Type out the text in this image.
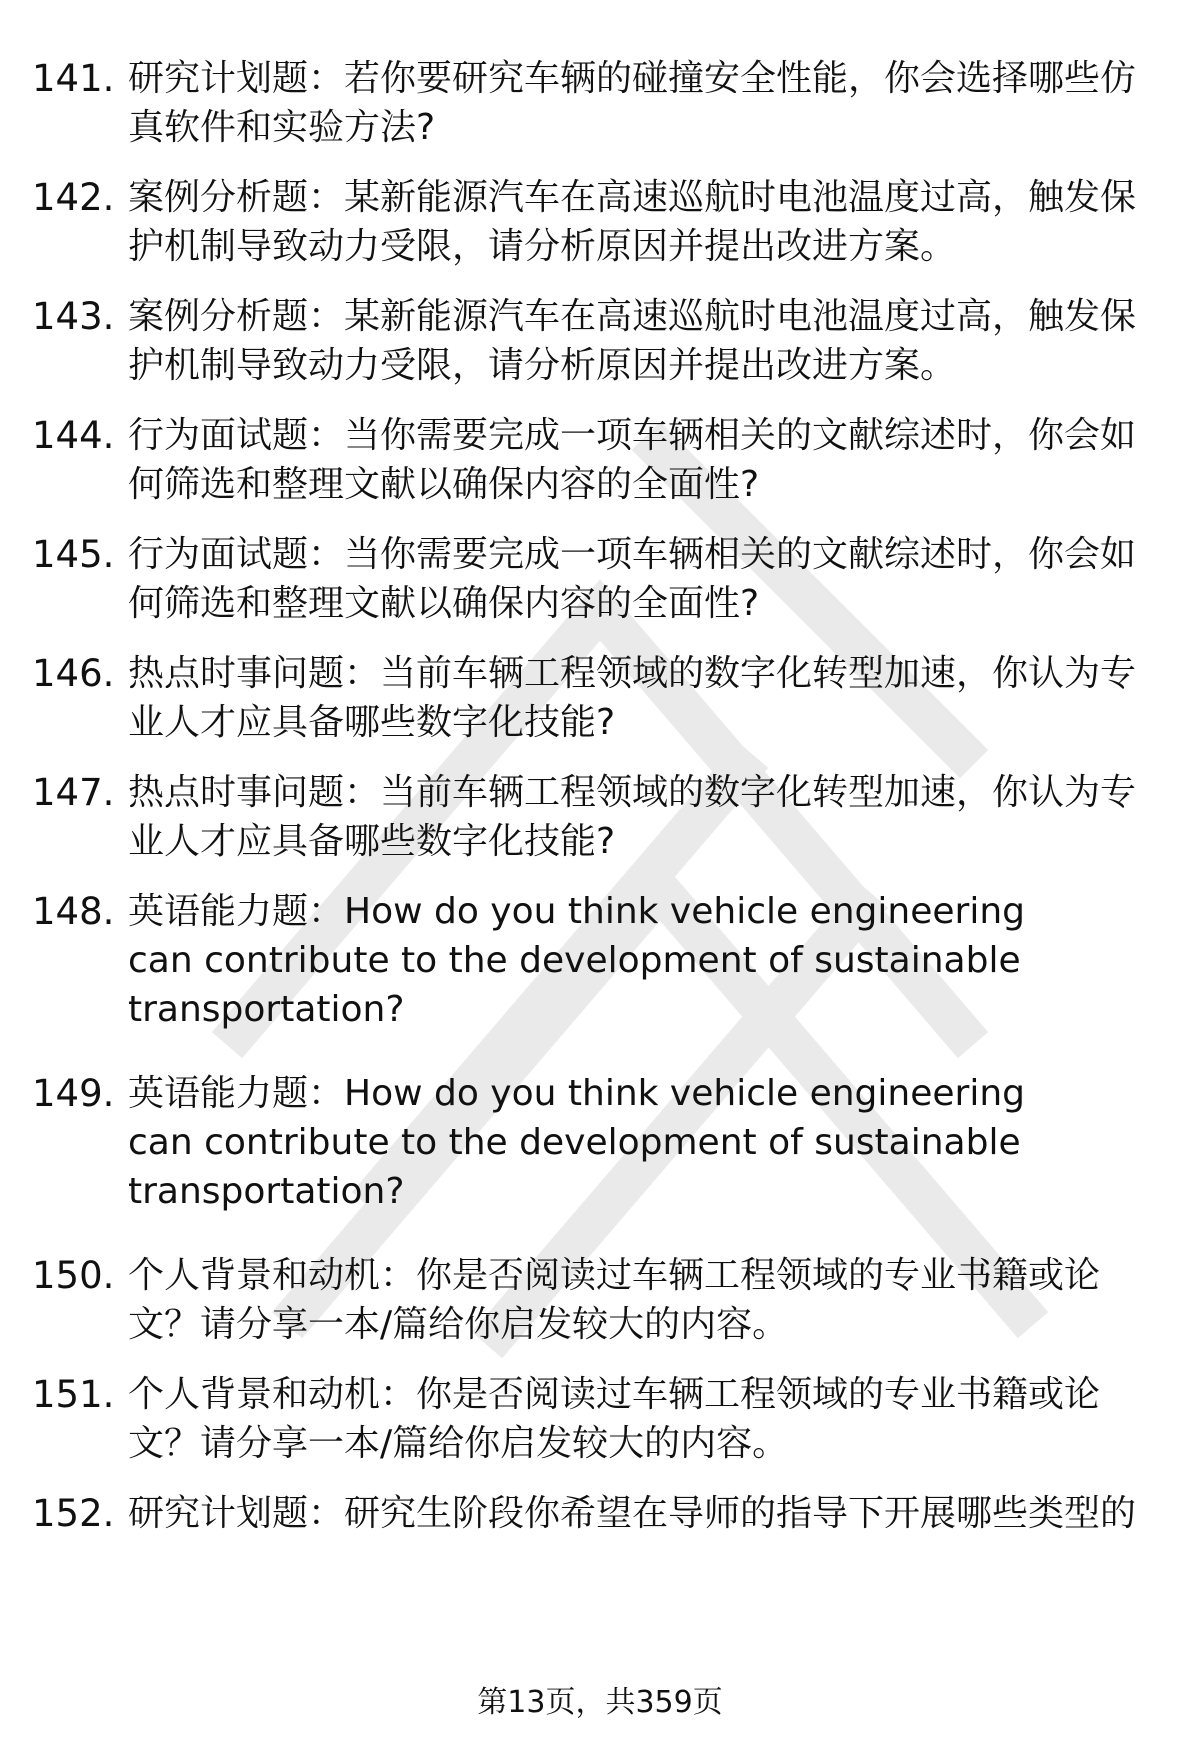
141. 研究计划题：若你要研究车辆的碰撞安全性能，你会选择哪些仿真软件和实验方法?
142. 案例分析题：某新能源汽车在高速巡航时电池温度过高，触发保护机制导致动力受限，请分析原因并提出改进方案。
143. 案例分析题：某新能源汽车在高速巡航时电池温度过高，触发保护机制导致动力受限，请分析原因并提出改进方案。
144. 行为面试题：当你需要完成一项车辆相关的文献综述时，你会如何筛选和整理文献以确保内容的全面性?
145. 行为面试题：当你需要完成一项车辆相关的文献综述时，你会如何筛选和整理文献以确保内容的全面性?
146. 热点时事问题：当前车辆工程领域的数字化转型加速，你认为专业人才应具备哪些数字化技能?
147. 热点时事问题：当前车辆工程领域的数字化转型加速，你认为专业人才应具备哪些数字化技能?
148. 英语能力题：How do you think vehicle engineering can contribute to the development of sustainable transportation?
149. 英语能力题：How do you think vehicle engineering can contribute to the development of sustainable transportation?
150. 个人背景和动机：你是否阅读过车辆工程领域的专业书籍或论文？请分享一本/篇给你启发较大的内容。
151. 个人背景和动机：你是否阅读过车辆工程领域的专业书籍或论文？请分享一本/篇给你启发较大的内容。
152. 研究计划题：研究生阶段你希望在导师的指导下开展哪些类型的
第13页，共359页
